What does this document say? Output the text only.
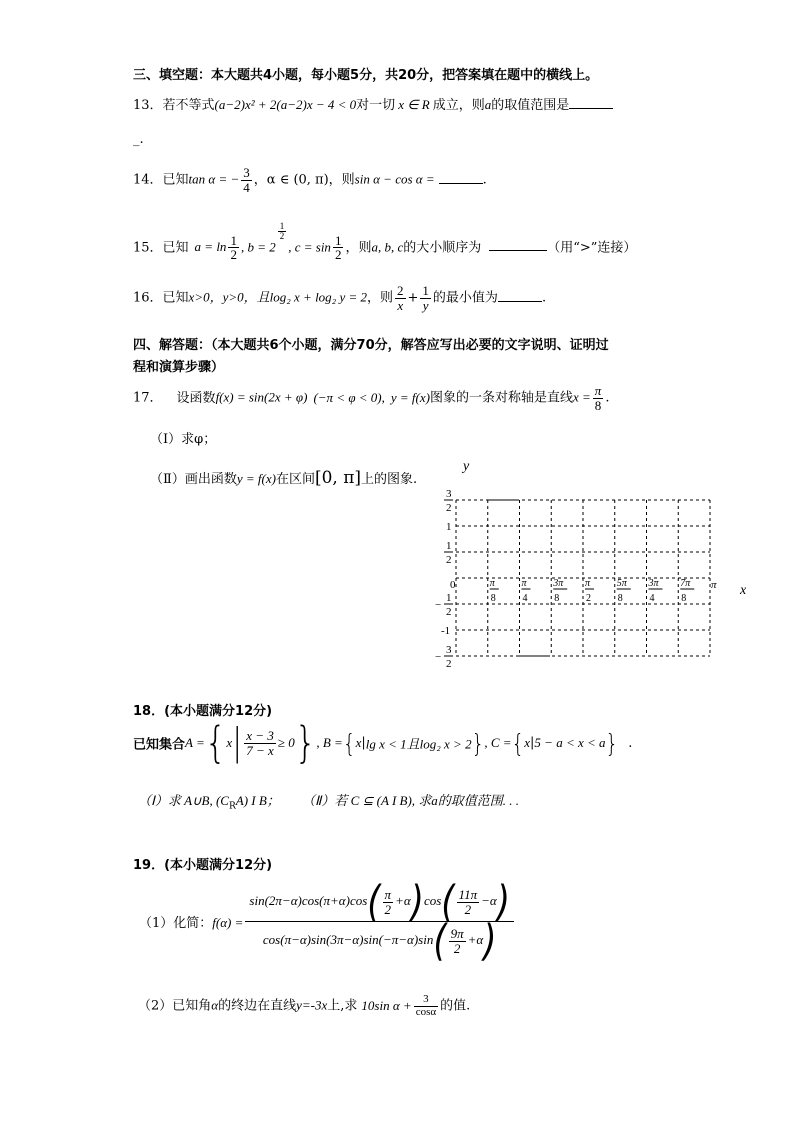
三、填空题：本大题共4小题，每小题5分，共20分，把答案填在题中的横线上。
13．若不等式(a−2)x² + 2(a−2)x − 4 < 0对一切 x ∈ R 成立，则a的取值范围是
_.
14．已知tan α = − $\frac{3}{4}$ ，α ∈ (0, π)，则sin α − cos α =	.
15．已知 $a = \ln \frac{1}{2}$ , b = 2
$^{\frac{1}{2}}$
, $c = \sin \frac{1}{2}$ ，则a, b, c的大小顺序为	（用“>”连接）
16．已知x>0，y>0，且log₂ x + log₂ y = 2，则 $\frac{2}{x} + \frac{1}{y}$ 的最小值为	.
四、解答题：（本大题共6个小题，满分70分，解答应写出必要的文字说明、证明过
程和演算步骤）
17． 设函数f(x) = sin(2x + φ) (−π < φ < 0), y = f(x)图象的一条对称轴是直线$x = \frac{\pi}{8}$ .
（Ⅰ）求φ；
（Ⅱ）画出函数y = f(x)在区间[0, π]上的图象.
y
x
3
2
1
1
2
1
2
−
-1
3
2
−
π
8
π
4
3π
8
π
2
5π
8
3π
4
7π
8
0	π
18．(本小题满分12分)
已知集合$A =\{x| \frac{x - 3}{7 - x} \ge 0\}$, B ={x|lg x < 1且log₂ x > 2}, C ={x|5 − a < x < a} .
（Ⅰ）求 A∪B, $(C_RA)$ I B； （Ⅱ）若 C ⊆ (A I B), 求a的取值范围. . .
19．(本小题满分12分)
（1）化简：f(α) =	
$\sin(2\pi-\alpha)\cos(\pi+\alpha)\cos( \frac{\pi}{2} +\alpha)\cos( \frac{11\pi}{2} -\alpha)$
$\cos(\pi-\alpha)\sin(3\pi-\alpha)\sin(-\pi-\alpha)\sin( \frac{9\pi}{2} +\alpha)$
（2）已知角α的终边在直线y=-3x上,求 10sin $\alpha + \frac{3}{\cos\alpha}$ 的值.
